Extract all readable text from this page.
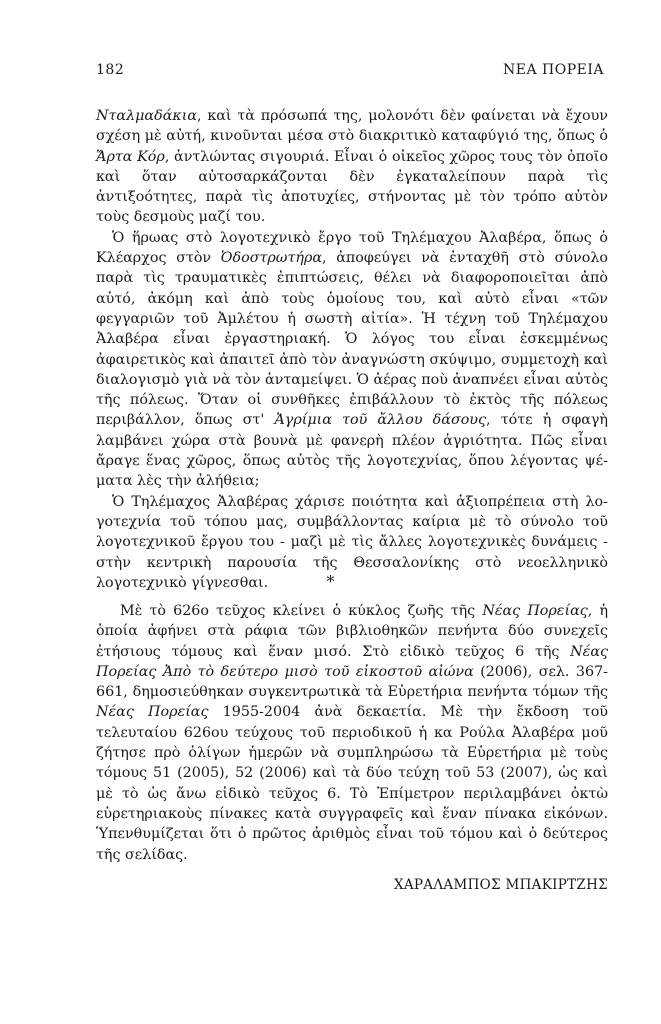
182	ΝΕΑ ΠΟΡΕΙΑ

Νταλμαδάκια, καὶ τὰ πρόσωπά της, μολονότι δὲν φαίνεται νὰ ἔχουν σχέση μὲ αὐτή, κινοῦνται μέσα στὸ διακριτικὸ καταφύγιό της, ὅπως ὁ Ἄρτα Κόρ, ἀντλώντας σιγουριά. Εἶναι ὁ οἰκεῖος χῶρος τους τὸν ὁποῖο καὶ ὅταν αὐτοσαρκάζονται δὲν ἐγκαταλείπουν παρὰ τὶς ἀντιξοότητες, παρὰ τὶς ἀποτυχίες, στήνοντας μὲ τὸν τρόπο αὐτὸν τοὺς δεσμοὺς μαζί του.

Ὁ ἥρωας στὸ λογοτεχνικὸ ἔργο τοῦ Τηλέμαχου Ἀλαβέρα, ὅπως ὁ Κλέαρχος στὸν Ὀδοστρωτήρα, ἀποφεύγει νὰ ἐνταχθῆ στὸ σύνολο παρὰ τὶς τραυματικὲς ἐπιπτώσεις, θέλει νὰ διαφοροποιεῖται ἀπὸ αὐτό, ἀκόμη καὶ ἀπὸ τοὺς ὁμοίους του, καὶ αὐτὸ εἶναι «τῶν φεγγαριῶν τοῦ Ἀμλέτου ἡ σωστὴ αἰτία». Ἡ τέχνη τοῦ Τηλέμαχου Ἀλαβέρα εἶναι ἐργαστηριακή. Ὁ λόγος του εἶναι ἐσκεμμένως ἀφαιρετικὸς καὶ ἀπαιτεῖ ἀπὸ τὸν ἀναγνώστη σκύψιμο, συμμετοχὴ καὶ διαλογισμὸ γιὰ νὰ τὸν ἀνταμείψει. Ὁ ἀέρας ποὺ ἀναπνέει εἶναι αὐτὸς τῆς πόλεως. Ὅταν οἱ συνθῆκες ἐπιβάλλουν τὸ ἐκτὸς τῆς πόλεως περιβάλλον, ὅπως στ' Ἀγρίμια τοῦ ἄλλου δάσους, τότε ἡ σφαγὴ λαμβάνει χώρα στὰ βουνὰ μὲ φανερὴ πλέον ἀγριότητα. Πῶς εἶναι ἄραγε ἕνας χῶρος, ὅπως αὐτὸς τῆς λογοτεχνίας, ὅπου λέγοντας ψέματα λὲς τὴν ἀλήθεια;

Ὁ Τηλέμαχος Ἀλαβέρας χάρισε ποιότητα καὶ ἀξιοπρέπεια στὴ λογοτεχνία τοῦ τόπου μας, συμβάλλοντας καίρια μὲ τὸ σύνολο τοῦ λογοτεχνικοῦ ἔργου του - μαζὶ μὲ τὶς ἄλλες λογοτεχνικὲς δυνάμεις - στὴν κεντρικὴ παρουσία τῆς Θεσσαλονίκης στὸ νεοελληνικὸ λογοτεχνικὸ γίγνεσθαι.	*

Μὲ τὸ 626ο τεῦχος κλείνει ὁ κύκλος ζωῆς τῆς Νέας Πορείας, ἡ ὁποία ἀφήνει στὰ ράφια τῶν βιβλιοθηκῶν πενήντα δύο συνεχεῖς ἐτήσιους τόμους καὶ ἕναν μισό. Στὸ εἰδικὸ τεῦχος 6 τῆς Νέας Πορείας Ἀπὸ τὸ δεύτερο μισὸ τοῦ εἰκοστοῦ αἰώνα (2006), σελ. 367- 661, δημοσιεύθηκαν συγκεντρωτικὰ τὰ Εὑρετήρια πενήντα τόμων τῆς Νέας Πορείας 1955-2004 ἀνὰ δεκαετία. Μὲ τὴν ἔκδοση τοῦ τελευταίου 626ου τεύχους τοῦ περιοδικοῦ ἡ κα Ρούλα Ἀλαβέρα μοῦ ζήτησε πρὸ ὀλίγων ἡμερῶν νὰ συμπληρώσω τὰ Εὑρετήρια μὲ τοὺς τόμους 51 (2005), 52 (2006) καὶ τὰ δύο τεύχη τοῦ 53 (2007), ὡς καὶ μὲ τὸ ὡς ἄνω εἰδικὸ τεῦχος 6. Τὸ Ἐπίμετρον περιλαμβάνει ὀκτὼ εὑρετηριακοὺς πίνακες κατὰ συγγραφεῖς καὶ ἕναν πίνακα εἰκόνων. Ὑπενθυμίζεται ὅτι ὁ πρῶτος ἀριθμὸς εἶναι τοῦ τόμου καὶ ὁ δεύτερος τῆς σελίδας.

ΧΑΡΑΛΑΜΠΟΣ ΜΠΑΚΙΡΤΖΗΣ
